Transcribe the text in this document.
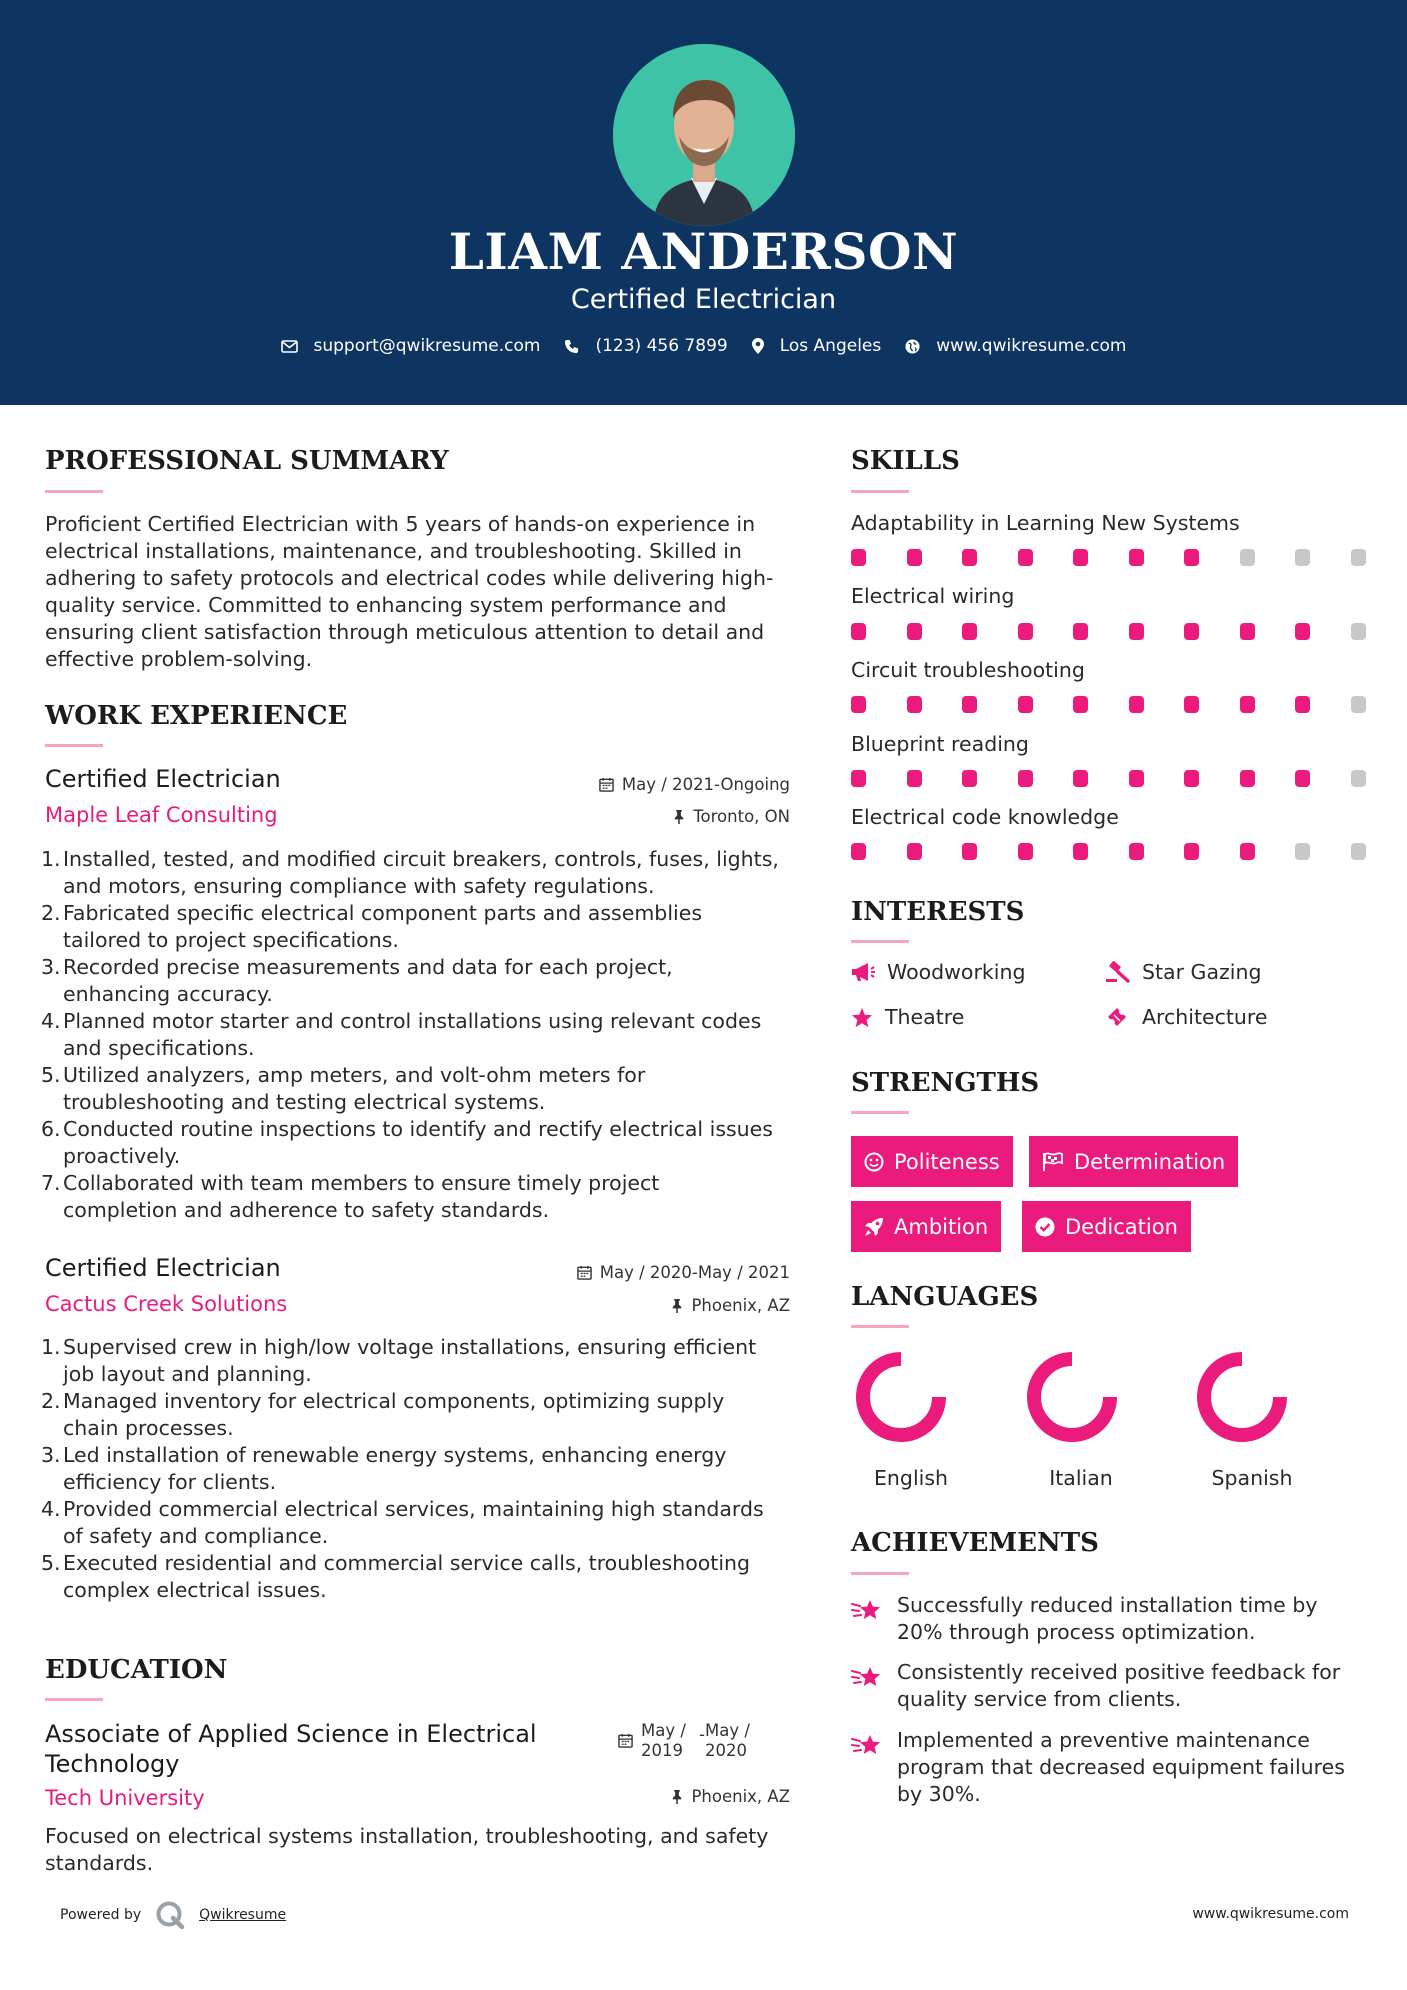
LIAM ANDERSON
Certified Electrician
support@qwikresume.com	(123) 456 7899	Los Angeles	www.qwikresume.com
PROFESSIONAL SUMMARY
Proficient Certified Electrician with 5 years of hands-on experience in
electrical installations, maintenance, and troubleshooting. Skilled in
adhering to safety protocols and electrical codes while delivering high-
quality service. Committed to enhancing system performance and
ensuring client satisfaction through meticulous attention to detail and
effective problem-solving.
WORK EXPERIENCE
Certified Electrician
Maple Leaf Consulting
May / 2021-Ongoing
Toronto, ON
1. Installed, tested, and modified circuit breakers, controls, fuses, lights,
and motors, ensuring compliance with safety regulations.
2. Fabricated specific electrical component parts and assemblies
tailored to project specifications.
3. Recorded precise measurements and data for each project,
enhancing accuracy.
4. Planned motor starter and control installations using relevant codes
and specifications.
5. Utilized analyzers, amp meters, and volt-ohm meters for
troubleshooting and testing electrical systems.
6. Conducted routine inspections to identify and rectify electrical issues
proactively.
7. Collaborated with team members to ensure timely project
completion and adherence to safety standards.
Certified Electrician
Cactus Creek Solutions
May / 2020-May / 2021
Phoenix, AZ
1. Supervised crew in high/low voltage installations, ensuring efficient
job layout and planning.
2. Managed inventory for electrical components, optimizing supply
chain processes.
3. Led installation of renewable energy systems, enhancing energy
efficiency for clients.
4. Provided commercial electrical services, maintaining high standards
of safety and compliance.
5. Executed residential and commercial service calls, troubleshooting
complex electrical issues.
EDUCATION
Associate of Applied Science in Electrical
Technology
May /
2019
- May /
2020
Tech University	Phoenix, AZ
Focused on electrical systems installation, troubleshooting, and safety
standards.
SKILLS
Adaptability in Learning New Systems
Electrical wiring
Circuit troubleshooting
Blueprint reading
Electrical code knowledge
INTERESTS
Woodworking	Star Gazing
Theatre	Architecture
STRENGTHS
Politeness	Determination
Ambition	Dedication
LANGUAGES
English	Italian	Spanish
ACHIEVEMENTS
Successfully reduced installation time by
20% through process optimization.
Consistently received positive feedback for
quality service from clients.
Implemented a preventive maintenance
program that decreased equipment failures
by 30%.
Powered by	Qwikresume	www.qwikresume.com
